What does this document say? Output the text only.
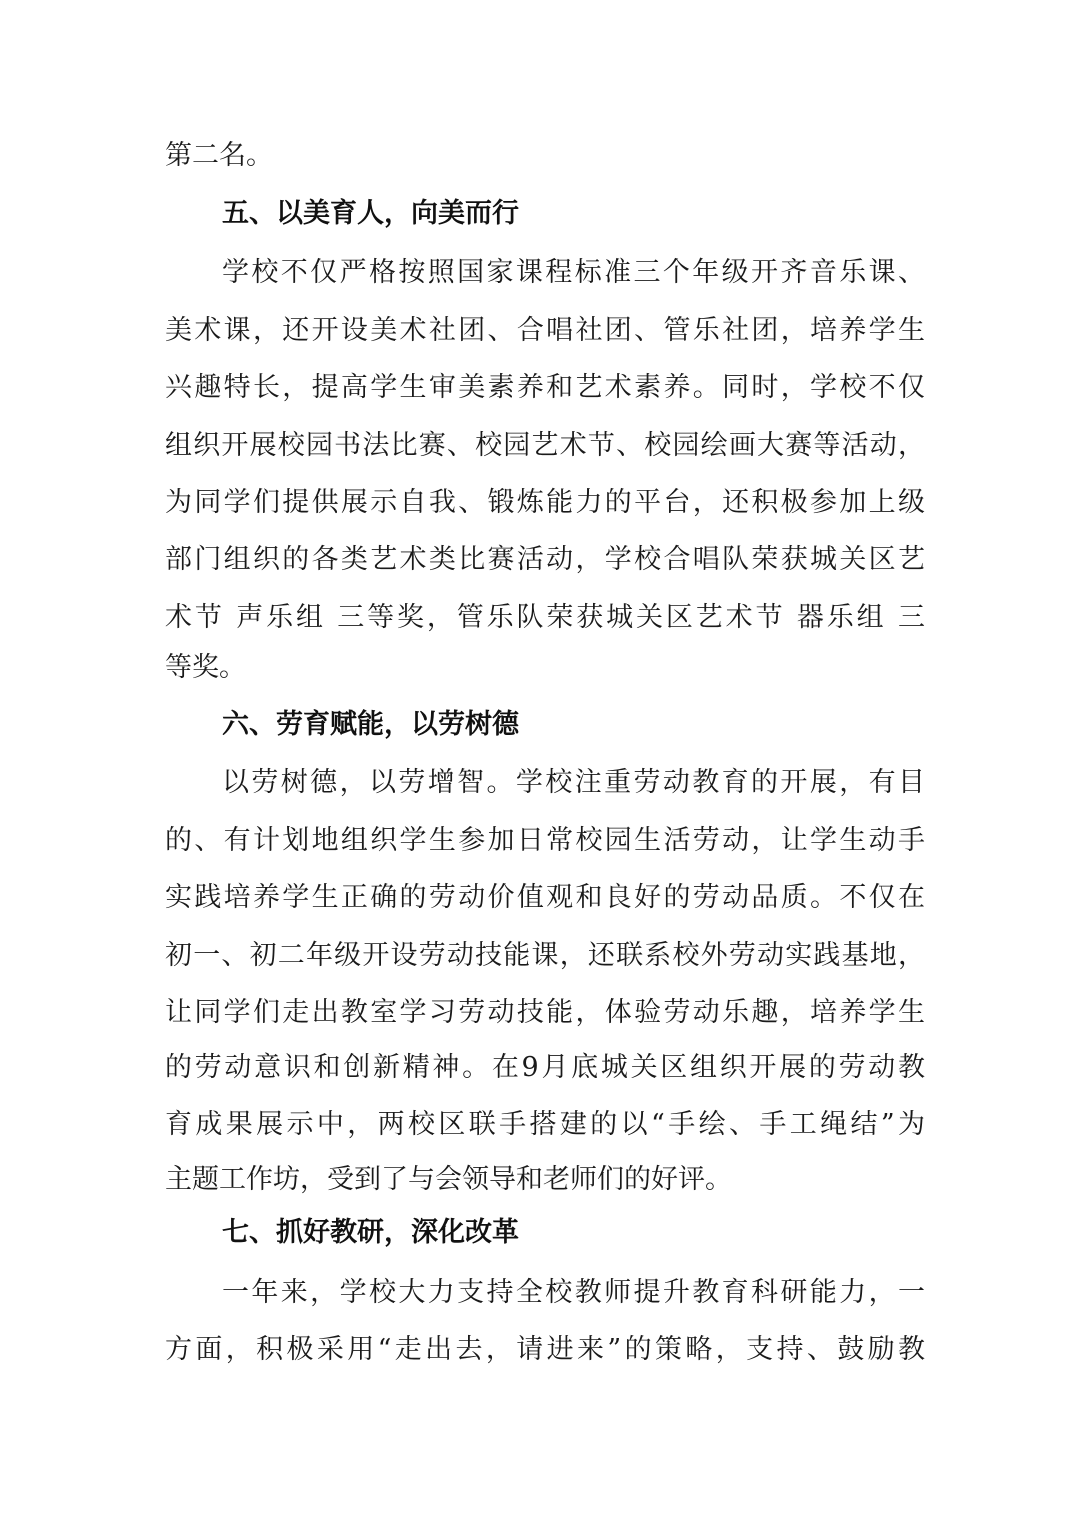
第二名。
五、以美育人，向美而行
学校不仅严格按照国家课程标准三个年级开齐音乐课、
美术课，还开设美术社团、合唱社团、管乐社团，培养学生
兴趣特长，提高学生审美素养和艺术素养。同时，学校不仅
组织开展校园书法比赛、校园艺术节、校园绘画大赛等活动，
为同学们提供展示自我、锻炼能力的平台，还积极参加上级
部门组织的各类艺术类比赛活动，学校合唱队荣获城关区艺
术节 声乐组 三等奖，管乐队荣获城关区艺术节 器乐组 三
等奖。
六、劳育赋能，以劳树德
以劳树德，以劳增智。学校注重劳动教育的开展，有目
的、有计划地组织学生参加日常校园生活劳动，让学生动手
实践培养学生正确的劳动价值观和良好的劳动品质。不仅在
初一、初二年级开设劳动技能课，还联系校外劳动实践基地，
让同学们走出教室学习劳动技能，体验劳动乐趣，培养学生
的劳动意识和创新精神。在9月底城关区组织开展的劳动教
育成果展示中，两校区联手搭建的以“手绘、手工绳结”为
主题工作坊，受到了与会领导和老师们的好评。
七、抓好教研，深化改革
一年来，学校大力支持全校教师提升教育科研能力，一
方面，积极采用“走出去，请进来”的策略，支持、鼓励教
